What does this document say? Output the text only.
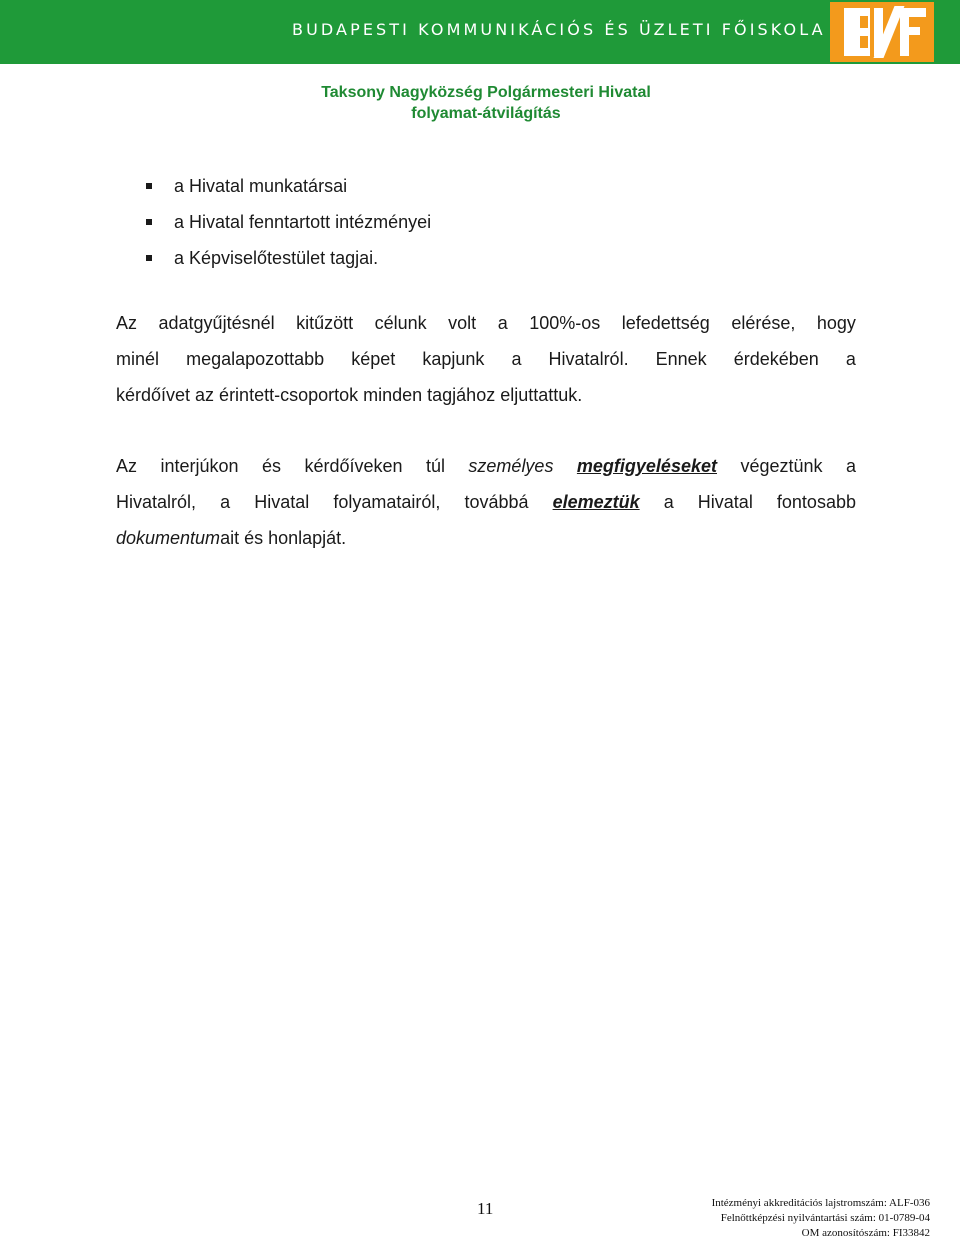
BUDAPESTI KOMMUNIKÁCIÓS ÉS ÜZLETI FŐISKOLA
Taksony Nagyközség Polgármesteri Hivatal
folyamat-átvilágítás
a Hivatal munkatársai
a Hivatal fenntartott intézményei
a Képviselőtestület tagjai.
Az adatgyűjtésnél kitűzött célunk volt a 100%-os lefedettség elérése, hogy
minél megalapozottabb képet kapjunk a Hivatalról. Ennek érdekében a
kérdőívet az érintett-csoportok minden tagjához eljuttattuk.
Az interjúkon és kérdőíveken túl személyes megfigyeléseket végeztünk a
Hivatalról, a Hivatal folyamatairól, továbbá elemeztük a Hivatal fontosabb
dokumentum ait és honlapját.
11	Intézményi akkreditációs lajstromszám: ALF-036
Felnőttképzési nyilvántartási szám: 01-0789-04
OM azonosítószám: FI33842
